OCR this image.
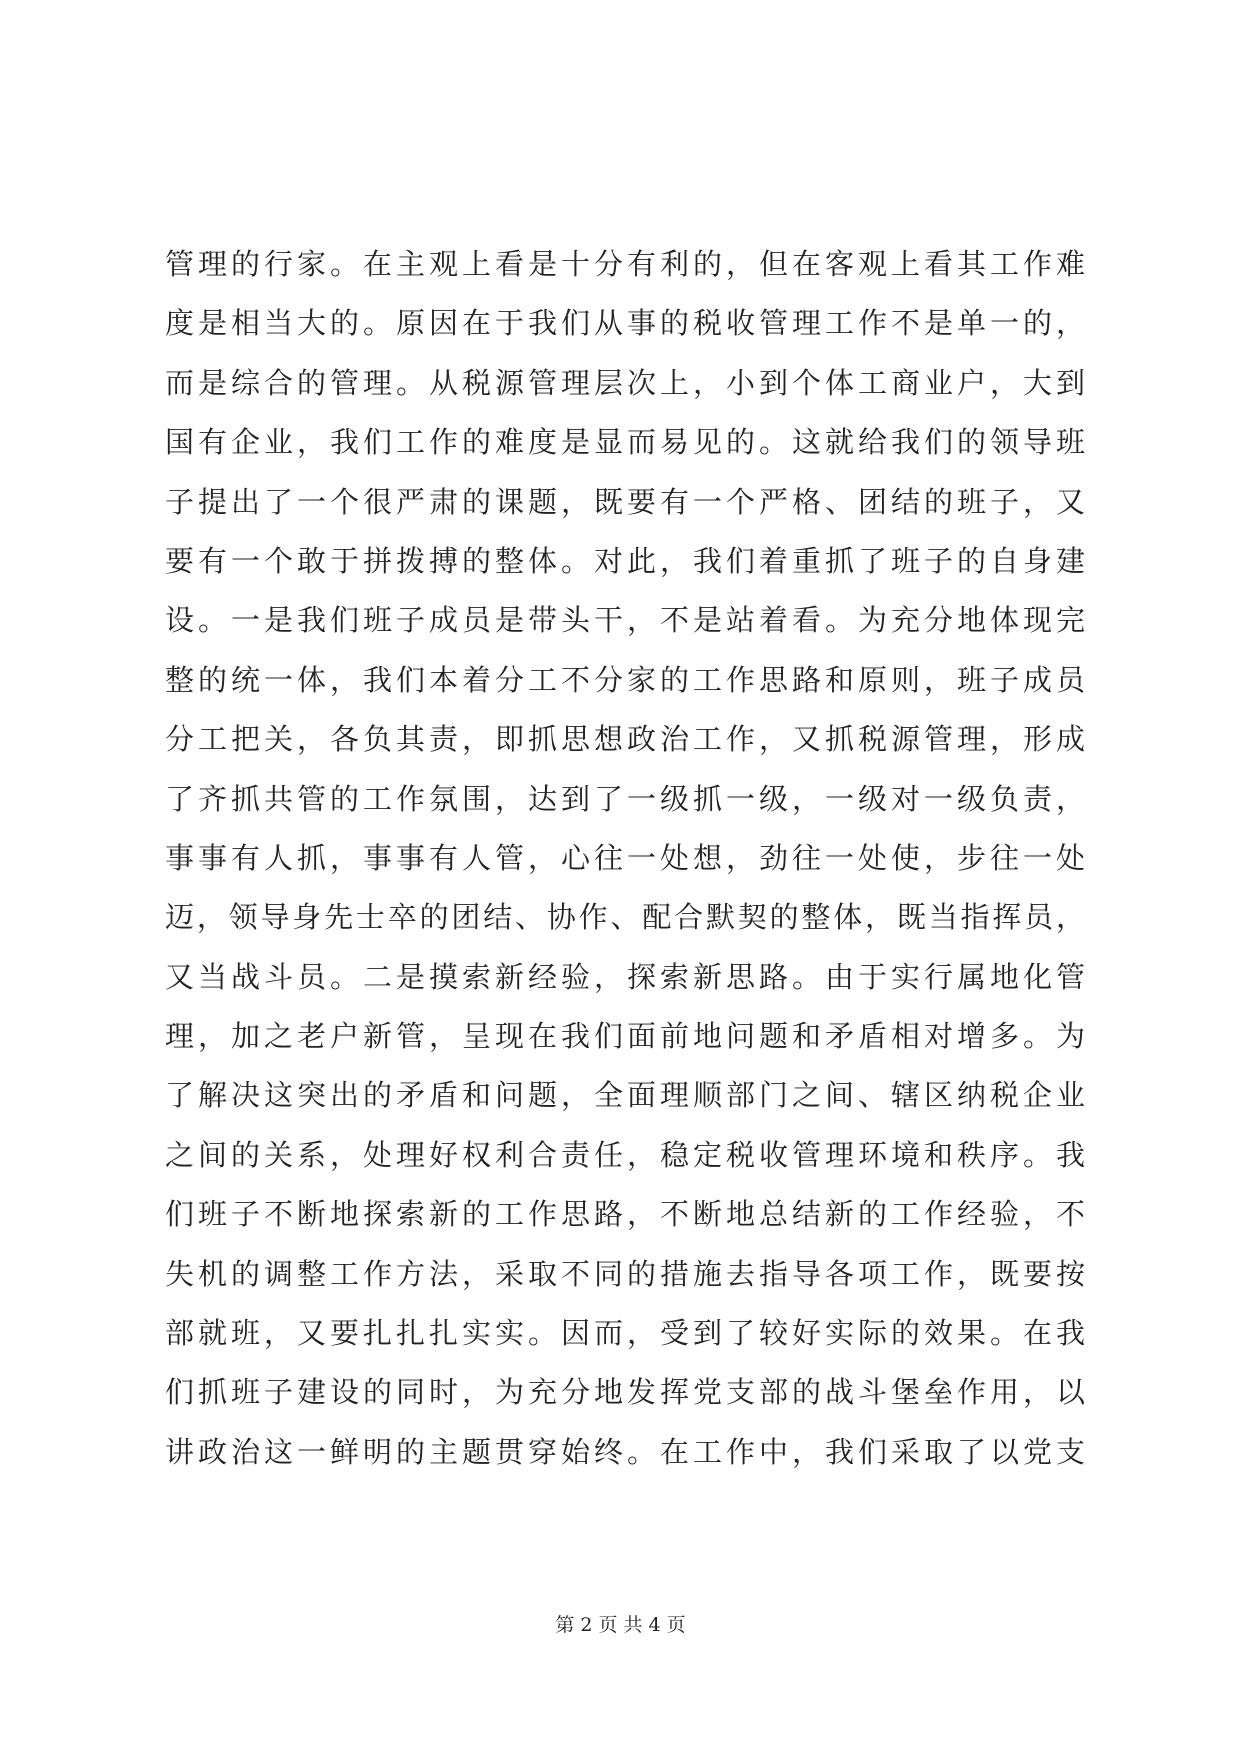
管理的行家。在主观上看是十分有利的，但在客观上看其工作难
度是相当大的。原因在于我们从事的税收管理工作不是单一的，
而是综合的管理。从税源管理层次上，小到个体工商业户，大到
国有企业，我们工作的难度是显而易见的。这就给我们的领导班
子提出了一个很严肃的课题，既要有一个严格、团结的班子，又
要有一个敢于拼拨搏的整体。对此，我们着重抓了班子的自身建
设。一是我们班子成员是带头干，不是站着看。为充分地体现完
整的统一体，我们本着分工不分家的工作思路和原则，班子成员
分工把关，各负其责，即抓思想政治工作，又抓税源管理，形成
了齐抓共管的工作氛围，达到了一级抓一级，一级对一级负责，
事事有人抓，事事有人管，心往一处想，劲往一处使，步往一处
迈，领导身先士卒的团结、协作、配合默契的整体，既当指挥员，
又当战斗员。二是摸索新经验，探索新思路。由于实行属地化管
理，加之老户新管，呈现在我们面前地问题和矛盾相对增多。为
了解决这突出的矛盾和问题，全面理顺部门之间、辖区纳税企业
之间的关系，处理好权利合责任，稳定税收管理环境和秩序。我
们班子不断地探索新的工作思路，不断地总结新的工作经验，不
失机的调整工作方法，采取不同的措施去指导各项工作，既要按
部就班，又要扎扎扎实实。因而，受到了较好实际的效果。在我
们抓班子建设的同时，为充分地发挥党支部的战斗堡垒作用，以
讲政治这一鲜明的主题贯穿始终。在工作中，我们采取了以党支
第 2 页 共 4 页
